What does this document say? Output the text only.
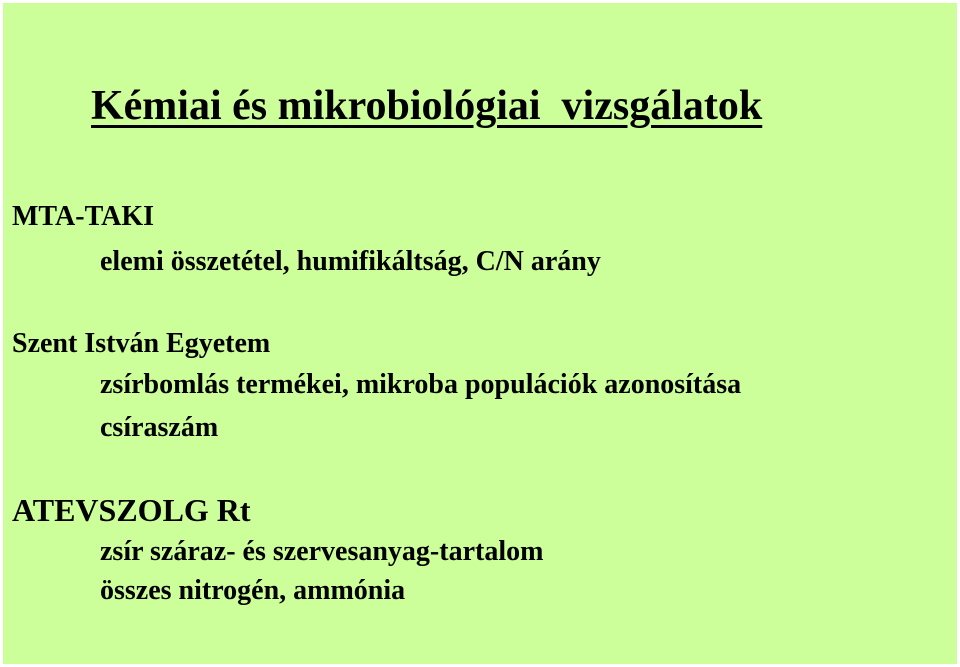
Kémiai és mikrobiológiai  vizsgálatok

MTA-TAKI

elemi összetétel, humifikáltság, C/N arány

Szent István Egyetem

zsírbomlás termékei, mikroba populációk azonosítása

csíraszám

ATEVSZOLG Rt

zsír száraz- és szervesanyag-tartalom

összes nitrogén, ammónia
